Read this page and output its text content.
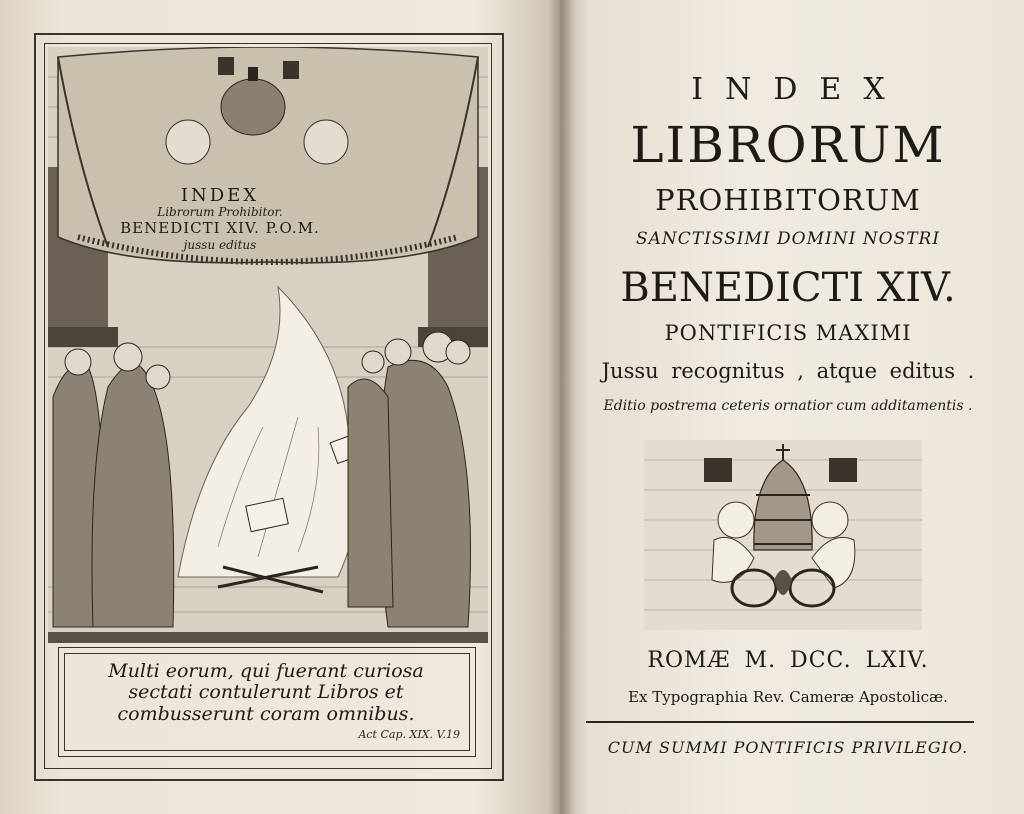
INDEX
Librorum Prohibitor.
BENEDICTI XIV. P.O.M.
jussu editus
Multi eorum, qui fuerant curiosa
sectati contulerunt Libros et
combusserunt coram omnibus.
Act Cap. XIX. V.19
INDEX
LIBRORUM
PROHIBITORUM
SANCTISSIMI DOMINI NOSTRI
BENEDICTI XIV.
PONTIFICIS MAXIMI
Jussu recognitus , atque editus .
Editio postrema ceteris ornatior cum additamentis .
ROMÆ M. DCC. LXIV.
Ex Typographia Rev. Cameræ Apostolicæ.
CUM SUMMI PONTIFICIS PRIVILEGIO.
